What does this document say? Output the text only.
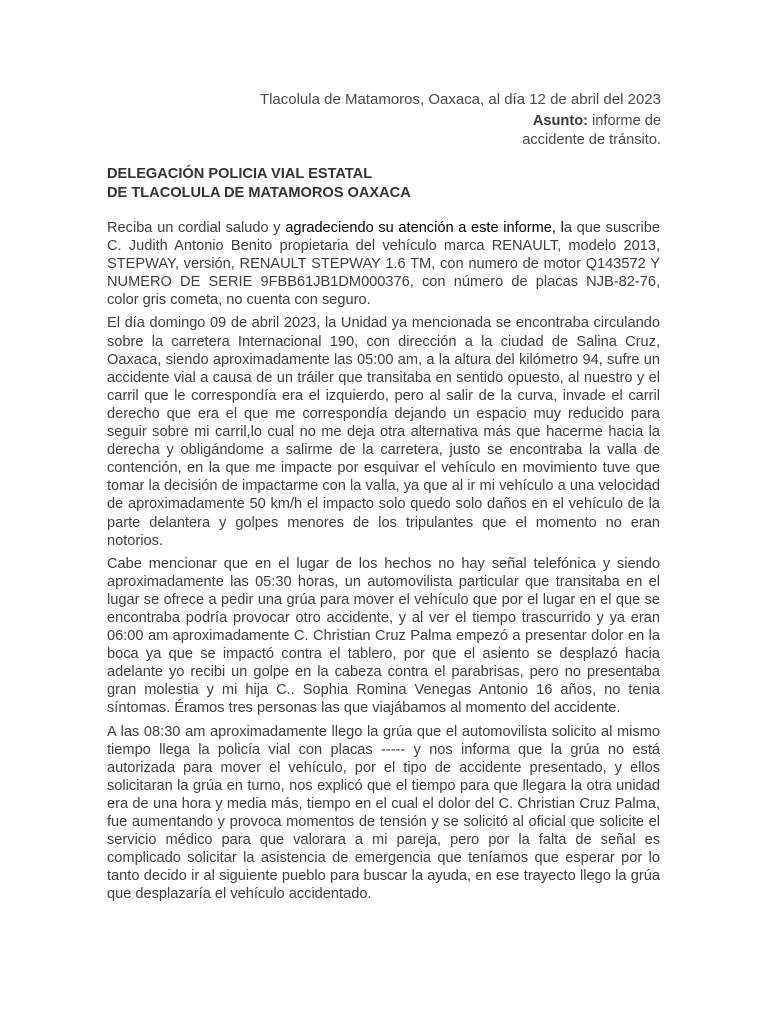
Tlacolula de Matamoros, Oaxaca, al día 12 de abril del 2023
Asunto: informe de
accidente de tránsito.
DELEGACIÓN POLICIA VIAL ESTATAL
DE TLACOLULA DE MATAMOROS OAXACA

Reciba un cordial saludo y agradeciendo su atención a este informe, la que suscribe C. Judith Antonio Benito propietaria del vehículo marca RENAULT, modelo 2013, STEPWAY, versión, RENAULT STEPWAY 1.6 TM, con numero de motor Q143572 Y NUMERO DE SERIE 9FBB61JB1DM000376, con número de placas NJB-82-76, color gris cometa, no cuenta con seguro.

El día domingo 09 de abril 2023, la Unidad ya mencionada se encontraba circulando sobre la carretera Internacional 190, con dirección a la ciudad de Salina Cruz, Oaxaca, siendo aproximadamente las 05:00 am, a la altura del kilómetro 94, sufre un accidente vial a causa de un tráiler que transitaba en sentido opuesto, al nuestro y el carril que le correspondía era el izquierdo, pero al salir de la curva, invade el carril derecho que era el que me correspondía dejando un espacio muy reducido para seguir sobre mi carril,lo cual no me deja otra alternativa más que hacerme hacia la derecha y obligándome a salirme de la carretera, justo se encontraba la valla de contención, en la que me impacte por esquivar el vehículo en movimiento tuve que tomar la decisión de impactarme con la valla, ya que al ir mi vehículo a una velocidad de aproximadamente 50 km/h el impacto solo quedo solo daños en el vehículo de la parte delantera y golpes menores de los tripulantes que el momento no eran notorios.

Cabe mencionar que en el lugar de los hechos no hay señal telefónica y siendo aproximadamente las 05:30 horas, un automovilista particular que transitaba en el lugar se ofrece a pedir una grúa para mover el vehículo que por el lugar en el que se encontraba podría provocar otro accidente, y al ver el tiempo trascurrido y ya eran 06:00 am aproximadamente C. Christian Cruz Palma empezó a presentar dolor en la boca ya que se impactó contra el tablero, por que el asiento se desplazó hacia adelante yo recibi un golpe en la cabeza contra el parabrisas, pero no presentaba gran molestia y mi hija C.. Sophia Romina Venegas Antonio 16 años, no tenia síntomas. Éramos tres personas las que viajábamos al momento del accidente.

A las 08:30 am aproximadamente llego la grúa que el automovilista solicito al mismo tiempo llega la policía vial con placas ----- y nos informa que la grúa no está autorizada para mover el vehículo, por el tipo de accidente presentado, y ellos solicitaran la grúa en turno, nos explicó que el tiempo para que llegara la otra unidad era de una hora y media más, tiempo en el cual el dolor del C. Christian Cruz Palma, fue aumentando y provoca momentos de tensión y se solicitó al oficial que solicite el servicio médico para que valorara a mi pareja, pero por la falta de señal es complicado solicitar la asistencia de emergencia que teníamos que esperar por lo tanto decido ir al siguiente pueblo para buscar la ayuda, en ese trayecto llego la grúa que desplazaría el vehículo accidentado.
